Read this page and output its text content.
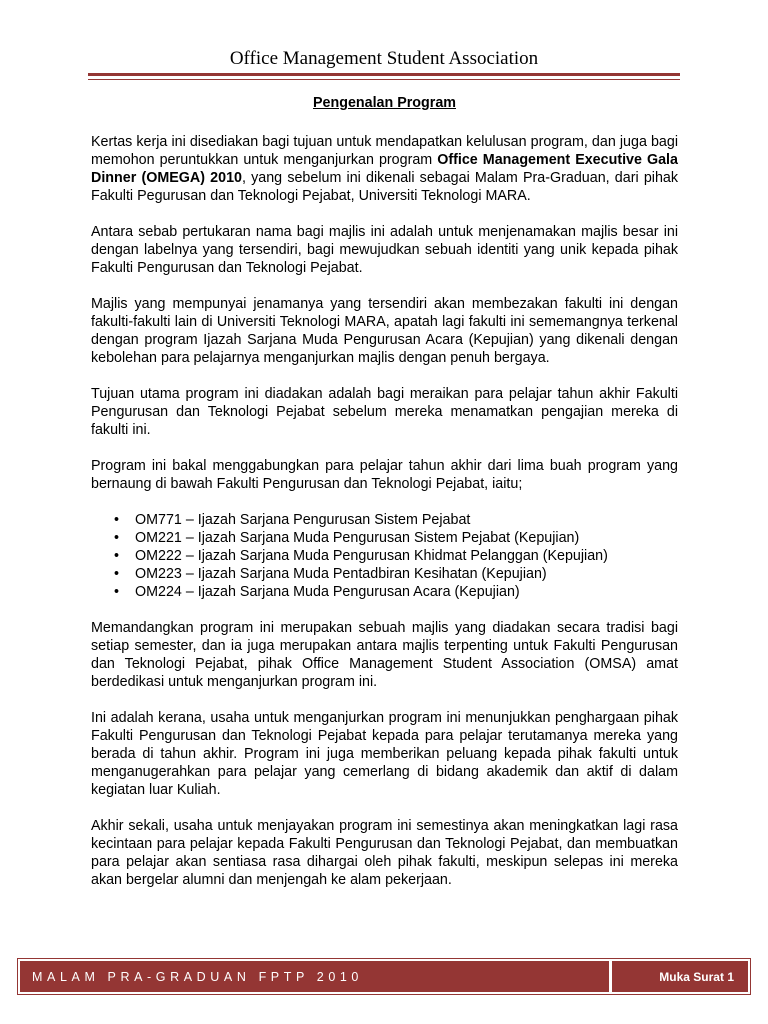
Office Management Student Association
Pengenalan Program

Kertas kerja ini disediakan bagi tujuan untuk mendapatkan kelulusan program, dan juga bagi memohon peruntukkan untuk menganjurkan program Office Management Executive Gala Dinner (OMEGA) 2010, yang sebelum ini dikenali sebagai Malam Pra-Graduan, dari pihak Fakulti Pegurusan dan Teknologi Pejabat, Universiti Teknologi MARA.

Antara sebab pertukaran nama bagi majlis ini adalah untuk menjenamakan majlis besar ini dengan labelnya yang tersendiri, bagi mewujudkan sebuah identiti yang unik kepada pihak Fakulti Pengurusan dan Teknologi Pejabat.

Majlis yang mempunyai jenamanya yang tersendiri akan membezakan fakulti ini dengan fakulti-fakulti lain di Universiti Teknologi MARA, apatah lagi fakulti ini sememangnya terkenal dengan program Ijazah Sarjana Muda Pengurusan Acara (Kepujian) yang dikenali dengan kebolehan para pelajarnya menganjurkan majlis dengan penuh bergaya.

Tujuan utama program ini diadakan adalah bagi meraikan para pelajar tahun akhir Fakulti Pengurusan dan Teknologi Pejabat sebelum mereka menamatkan pengajian mereka di fakulti ini.

Program ini bakal menggabungkan para pelajar tahun akhir dari lima buah program yang bernaung di bawah Fakulti Pengurusan dan Teknologi Pejabat, iaitu;

• OM771 – Ijazah Sarjana Pengurusan Sistem Pejabat
• OM221 – Ijazah Sarjana Muda Pengurusan Sistem Pejabat (Kepujian)
• OM222 – Ijazah Sarjana Muda Pengurusan Khidmat Pelanggan (Kepujian)
• OM223 – Ijazah Sarjana Muda Pentadbiran Kesihatan (Kepujian)
• OM224 – Ijazah Sarjana Muda Pengurusan Acara (Kepujian)

Memandangkan program ini merupakan sebuah majlis yang diadakan secara tradisi bagi setiap semester, dan ia juga merupakan antara majlis terpenting untuk Fakulti Pengurusan dan Teknologi Pejabat, pihak Office Management Student Association (OMSA) amat berdedikasi untuk menganjurkan program ini.

Ini adalah kerana, usaha untuk menganjurkan program ini menunjukkan penghargaan pihak Fakulti Pengurusan dan Teknologi Pejabat kepada para pelajar terutamanya mereka yang berada di tahun akhir. Program ini juga memberikan peluang kepada pihak fakulti untuk menganugerahkan para pelajar yang cemerlang di bidang akademik dan aktif di dalam kegiatan luar Kuliah.

Akhir sekali, usaha untuk menjayakan program ini semestinya akan meningkatkan lagi rasa kecintaan para pelajar kepada Fakulti Pengurusan dan Teknologi Pejabat, dan membuatkan para pelajar akan sentiasa rasa dihargai oleh pihak fakulti, meskipun selepas ini mereka akan bergelar alumni dan menjengah ke alam pekerjaan.

MALAM PRA-GRADUAN FPTP 2010	Muka Surat 1
